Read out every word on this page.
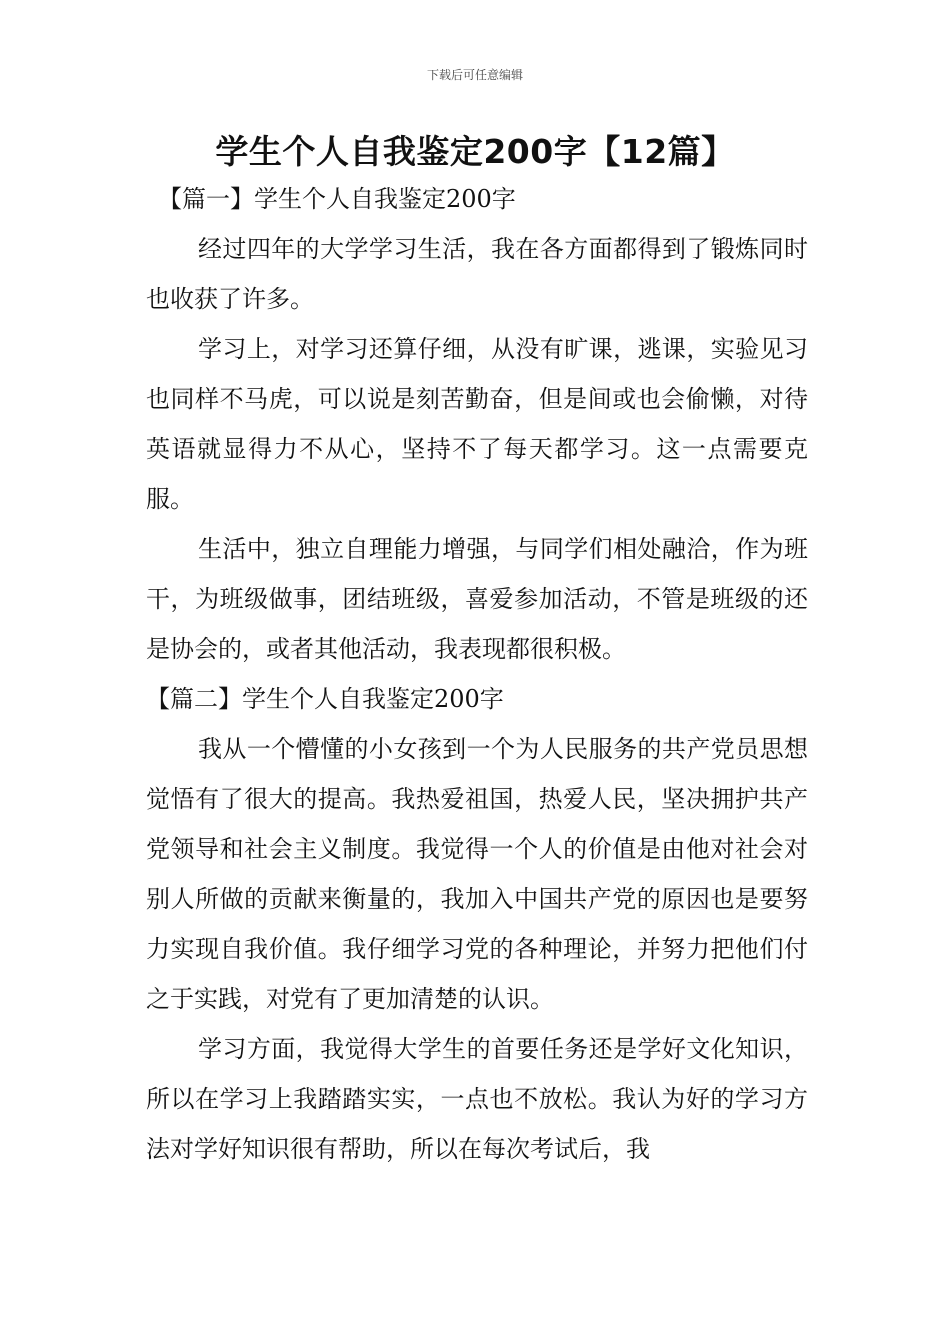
下载后可任意编辑
学生个人自我鉴定200字【12篇】

【篇一】学生个人自我鉴定200字

经过四年的大学学习生活，我在各方面都得到了锻炼同时也收获了许多。

学习上，对学习还算仔细，从没有旷课，逃课，实验见习也同样不马虎，可以说是刻苦勤奋，但是间或也会偷懒，对待英语就显得力不从心，坚持不了每天都学习。这一点需要克服。

生活中，独立自理能力增强，与同学们相处融洽，作为班干，为班级做事，团结班级，喜爱参加活动，不管是班级的还是协会的，或者其他活动，我表现都很积极。

【篇二】学生个人自我鉴定200字

我从一个懵懂的小女孩到一个为人民服务的共产党员思想觉悟有了很大的提高。我热爱祖国，热爱人民，坚决拥护共产党领导和社会主义制度。我觉得一个人的价值是由他对社会对别人所做的贡献来衡量的，我加入中国共产党的原因也是要努力实现自我价值。我仔细学习党的各种理论，并努力把他们付之于实践，对党有了更加清楚的认识。

学习方面，我觉得大学生的首要任务还是学好文化知识，所以在学习上我踏踏实实，一点也不放松。我认为好的学习方法对学好知识很有帮助，所以在每次考试后，我
